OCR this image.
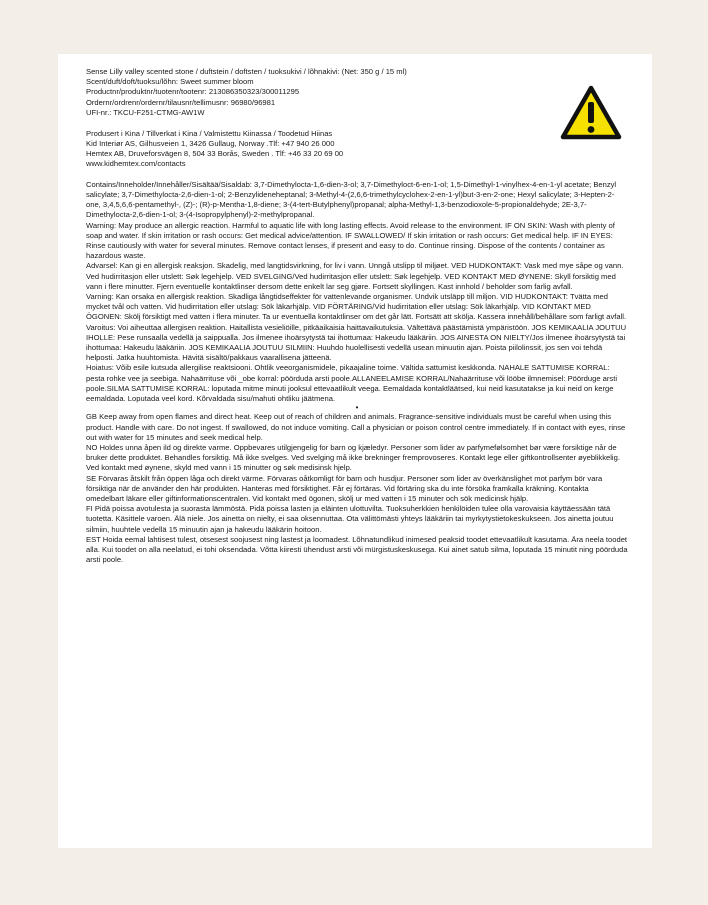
Sense Lilly valley scented stone / duftstein / doftsten / tuoksukivi / lõhnakivi: (Net: 350 g / 15 ml)

Scent/duft/doft/tuoksu/lõhn: Sweet summer bloom

Productnr/produktnr/tuotenr/tootenr: 213086350323/300011295

Ordernr/ordrenr/ordernr/tilausnr/tellimusnr: 96980/96981

UFI-nr.: TKCU-F251-CTMG-AW1W

Produsert i Kina / Tillverkat i Kina / Valmistettu Kiinassa / Toodetud Hiinas

Kid Interiør AS, Gilhusveien 1, 3426 Gullaug, Norway .Tlf: +47 940 26 000

Hemtex AB, Druveforsvägen 8, 504 33 Borås, Sweden . Tlf: +46 33 20 69 00

www.kidhemtex.com/contacts

Contains/Inneholder/Innehåller/Sisältää/Sisaldab: 3,7-Dimethylocta-1,6-dien-3-ol; 3,7-Dimethyloct-6-en-1-ol; 1,5-Dimethyl-1-vinylhex-4-en-1-yl acetate; Benzyl salicylate; 3,7-Dimethylocta-2,6-dien-1-ol; 2-Benzylideneheptanal; 3-Methyl-4-(2,6,6-trimethylcyclohex-2-en-1-yl)but-3-en-2-one; Hexyl salicylate; 3-Hepten-2-one, 3,4,5,6,6-pentamethyl-, (Z)-; (R)-p-Mentha-1,8-diene; 3-(4-tert-Butylphenyl)propanal; alpha-Methyl-1,3-benzodioxole-5-propionaldehyde; 2E-3,7-Dimethylocta-2,6-dien-1-ol; 3-(4-Isopropylphenyl)-2-methylpropanal.

Warning: May produce an allergic reaction. Harmful to aquatic life with long lasting effects. Avoid release to the environment. IF ON SKIN: Wash with plenty of soap and water. If skin irritation or rash occurs: Get medical advice/attention. IF SWALLOWED/ If skin irritation or rash occurs: Get medical help. IF IN EYES: Rinse cautiously with water for several minutes. Remove contact lenses, if present and easy to do. Continue rinsing. Dispose of the contents / container as hazardous waste.

Advarsel: Kan gi en allergisk reaksjon. Skadelig, med langtidsvirkning, for liv i vann. Unngå utslipp til miljøet. VED HUDKONTAKT: Vask med mye såpe og vann. Ved hudirritasjon eller utslett: Søk legehjelp. VED SVELGING/Ved hudirritasjon eller utslett: Søk legehjelp. VED KONTAKT MED ØYNENE: Skyll forsiktig med vann i flere minutter. Fjern eventuelle kontaktlinser dersom dette enkelt lar seg gjøre. Fortsett skyllingen. Kast innhold / beholder som farlig avfall.

Varning: Kan orsaka en allergisk reaktion. Skadliga långtidseffekter för vattenlevande organismer. Undvik utsläpp till miljon. VID HUDKONTAKT: Tvätta med mycket tvål och vatten. Vid hudirritation eller utslag: Sök läkarhjälp. VID FÖRTÄRING/Vid hudirritation eller utslag: Sök läkarhjälp. VID KONTAKT MED ÖGONEN: Skölj försiktigt med vatten i flera minuter. Ta ur eventuella kontaktlinser om det går lätt. Fortsätt att skölja. Kassera innehåll/behållare som farligt avfall.

Varoitus: Voi aiheuttaa allergisen reaktion. Haitallista vesieliöille, pitkäaikaisia haittavaikutuksia. Vältettävä päästämistä ympäristöön. JOS KEMIKAALIA JOUTUU IHOLLE: Pese runsaalla vedellä ja saippualla. Jos ilmenee ihoärsytystä tai ihottumaa: Hakeudu lääkäriin. JOS AINESTA ON NIELTY/Jos ilmenee ihoärsytystä tai ihottumaa: Hakeudu lääkäriin. JOS KEMIKAALIA JOUTUU SILMIIN: Huuhdo huolellisesti vedellä usean minuutin ajan. Poista piilolinssit, jos sen voi tehdä helposti. Jatka huuhtomista. Hävitä sisältö/pakkaus vaarallisena jätteenä.

Hoiatus: Võib esile kutsuda allergilise reaktsiooni. Ohtlik veeorganismidele, pikaajaline toime. Vältida sattumist keskkonda. NAHALE SATTUMISE KORRAL: pesta rohke vee ja seebiga. Nahaärrituse või _obe korral: pöörduda arsti poole.ALLANEELAMISE KORRAL/Nahaärrituse või lööbe ilmnemisel: Pöörduge arsti poole.SILMA SATTUMISE KORRAL: loputada mitme minuti jooksul ettevaatlikult veega. Eemaldada kontaktläätsed, kui neid kasutatakse ja kui neid on kerge eemaldada. Loputada veel kord. Kõrvaldada sisu/mahuti ohtliku jäätmena.

•

GB Keep away from open flames and direct heat. Keep out of reach of children and animals. Fragrance-sensitive individuals must be careful when using this product. Handle with care. Do not ingest. If swallowed, do not induce vomiting. Call a physician or poison control centre immediately. If in contact with eyes, rinse out with water for 15 minutes and seek medical help.

NO Holdes unna åpen ild og direkte varme. Oppbevares utilgjengelig for barn og kjæledyr. Personer som lider av parfymefølsomhet bør være forsiktige når de bruker dette produktet. Behandles forsiktig. Må ikke svelges. Ved svelging må ikke brekninger fremprovoseres. Kontakt lege eller giftkontrollsenter øyeblikkelig. Ved kontakt med øynene, skyld med vann i 15 minutter og søk medisinsk hjelp.

SE Förvaras åtskilt från öppen låga och direkt värme. Förvaras oåtkomligt för barn och husdjur. Personer som lider av överkänslighet mot parfym bör vara försiktiga när de använder den här produkten. Hanteras med försiktighet. Får ej förtäras. Vid förtäring ska du inte försöka framkalla kräkning. Kontakta omedelbart läkare eller giftinformationscentralen. Vid kontakt med ögonen, skölj ur med vatten i 15 minuter och sök medicinsk hjälp.

FI Pidä poissa avotulesta ja suorasta lämmöstä. Pidä poissa lasten ja eläinten ulottuvilta. Tuoksuherkkien henkilöiden tulee olla varovaisia käyttäessään tätä tuotetta. Käsittele varoen. Älä niele. Jos ainetta on nielty, ei saa oksennuttaa. Ota välittömästi yhteys lääkäriin tai myrkytystietokeskukseen. Jos ainetta joutuu silmiin, huuhtele vedellä 15 minuutin ajan ja hakeudu lääkärin hoitoon.

EST Hoida eemal lahtisest tulest, otsesest soojusest ning lastest ja loomadest. Lõhnatundlikud inimesed peaksid toodet ettevaatlikult kasutama. Ära neela toodet alla. Kui toodet on alla neelatud, ei tohi oksendada. Võtta kiiresti ühendust arsti või mürgistuskeskusega. Kui ainet satub silma, loputada 15 minutit ning pöörduda arsti poole.
